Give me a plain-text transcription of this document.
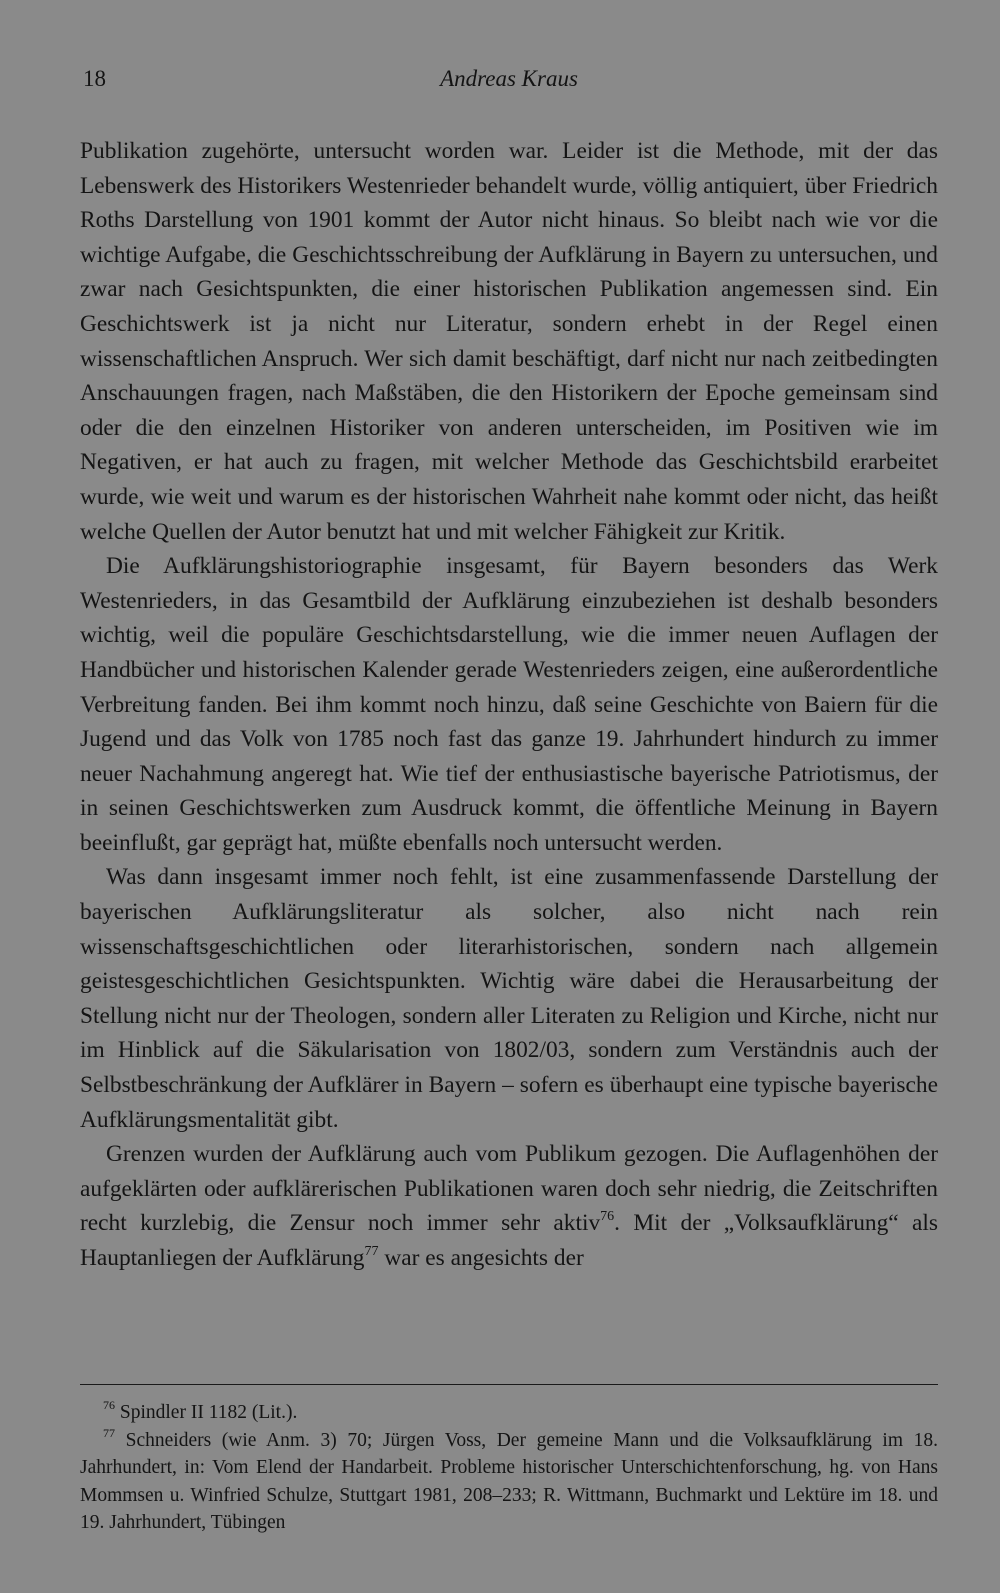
18	Andreas Kraus

Publikation zugehörte, untersucht worden war. Leider ist die Methode, mit der das Lebenswerk des Historikers Westenrieder behandelt wurde, völlig antiquiert, über Friedrich Roths Darstellung von 1901 kommt der Autor nicht hinaus. So bleibt nach wie vor die wichtige Aufgabe, die Geschichtsschreibung der Aufklärung in Bayern zu untersuchen, und zwar nach Gesichtspunkten, die einer historischen Publikation angemessen sind. Ein Geschichtswerk ist ja nicht nur Literatur, sondern erhebt in der Regel einen wissenschaftlichen Anspruch. Wer sich damit beschäftigt, darf nicht nur nach zeitbedingten Anschauungen fragen, nach Maßstäben, die den Historikern der Epoche gemeinsam sind oder die den einzelnen Historiker von anderen unterscheiden, im Positiven wie im Negativen, er hat auch zu fragen, mit welcher Methode das Geschichtsbild erarbeitet wurde, wie weit und warum es der historischen Wahrheit nahe kommt oder nicht, das heißt welche Quellen der Autor benutzt hat und mit welcher Fähigkeit zur Kritik.

Die Aufklärungshistoriographie insgesamt, für Bayern besonders das Werk Westenrieders, in das Gesamtbild der Aufklärung einzubeziehen ist deshalb besonders wichtig, weil die populäre Geschichtsdarstellung, wie die immer neuen Auflagen der Handbücher und historischen Kalender gerade Westenrieders zeigen, eine außerordentliche Verbreitung fanden. Bei ihm kommt noch hinzu, daß seine Geschichte von Baiern für die Jugend und das Volk von 1785 noch fast das ganze 19. Jahrhundert hindurch zu immer neuer Nachahmung angeregt hat. Wie tief der enthusiastische bayerische Patriotismus, der in seinen Geschichtswerken zum Ausdruck kommt, die öffentliche Meinung in Bayern beeinflußt, gar geprägt hat, müßte ebenfalls noch untersucht werden.

Was dann insgesamt immer noch fehlt, ist eine zusammenfassende Darstellung der bayerischen Aufklärungsliteratur als solcher, also nicht nach rein wissenschaftsgeschichtlichen oder literarhistorischen, sondern nach allgemein geistesgeschichtlichen Gesichtspunkten. Wichtig wäre dabei die Herausarbeitung der Stellung nicht nur der Theologen, sondern aller Literaten zu Religion und Kirche, nicht nur im Hinblick auf die Säkularisation von 1802/03, sondern zum Verständnis auch der Selbstbeschränkung der Aufklärer in Bayern – sofern es überhaupt eine typische bayerische Aufklärungsmentalität gibt.

Grenzen wurden der Aufklärung auch vom Publikum gezogen. Die Auflagenhöhen der aufgeklärten oder aufklärerischen Publikationen waren doch sehr niedrig, die Zeitschriften recht kurzlebig, die Zensur noch immer sehr aktiv$^{76}$. Mit der „Volksaufklärung“ als Hauptanliegen der Aufklärung$^{77}$ war es angesichts der

$^{76}$ Spindler II 1182 (Lit.).

$^{77}$ Schneiders (wie Anm. 3) 70; Jürgen Voss, Der gemeine Mann und die Volksaufklärung im 18. Jahrhundert, in: Vom Elend der Handarbeit. Probleme historischer Unterschichtenforschung, hg. von Hans Mommsen u. Winfried Schulze, Stuttgart 1981, 208–233; R. Wittmann, Buchmarkt und Lektüre im 18. und 19. Jahrhundert, Tübingen
